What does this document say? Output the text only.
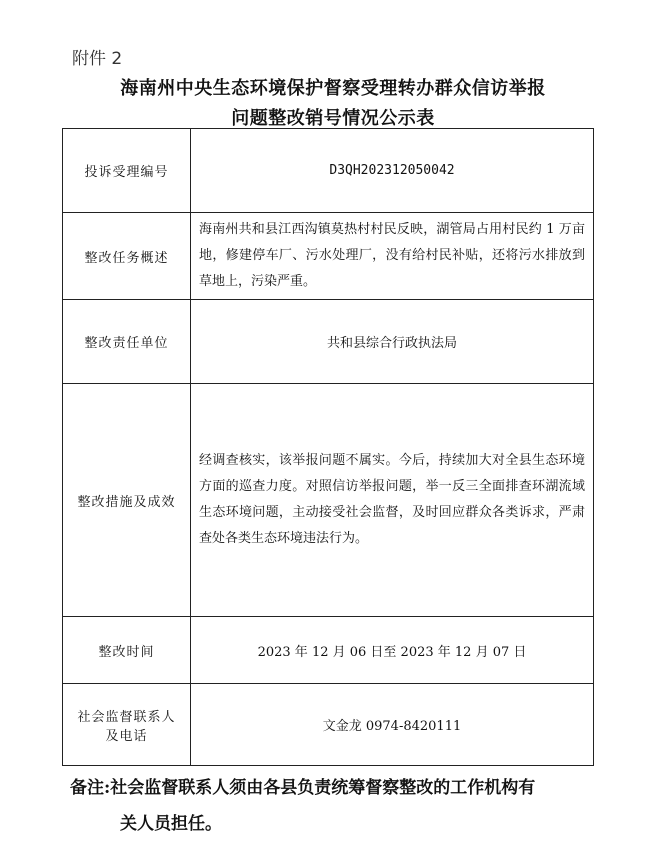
附件 2
海南州中央生态环境保护督察受理转办群众信访举报
问题整改销号情况公示表
投诉受理编号	D3QH202312050042
整改任务概述	海南州共和县江西沟镇莫热村村民反映，湖管局占用村民约 1 万亩地，修建停车厂、污水处理厂，没有给村民补贴，还将污水排放到草地上，污染严重。
整改责任单位	共和县综合行政执法局
整改措施及成效	经调查核实，该举报问题不属实。今后，持续加大对全县生态环境方面的巡查力度。对照信访举报问题，举一反三全面排查环湖流域生态环境问题，主动接受社会监督，及时回应群众各类诉求，严肃查处各类生态环境违法行为。
整改时间	2023 年 12 月 06 日至 2023 年 12 月 07 日

社会监督联系人
及电话	文金龙 0974-8420111
备注:社会监督联系人须由各县负责统筹督察整改的工作机构有
关人员担任。
